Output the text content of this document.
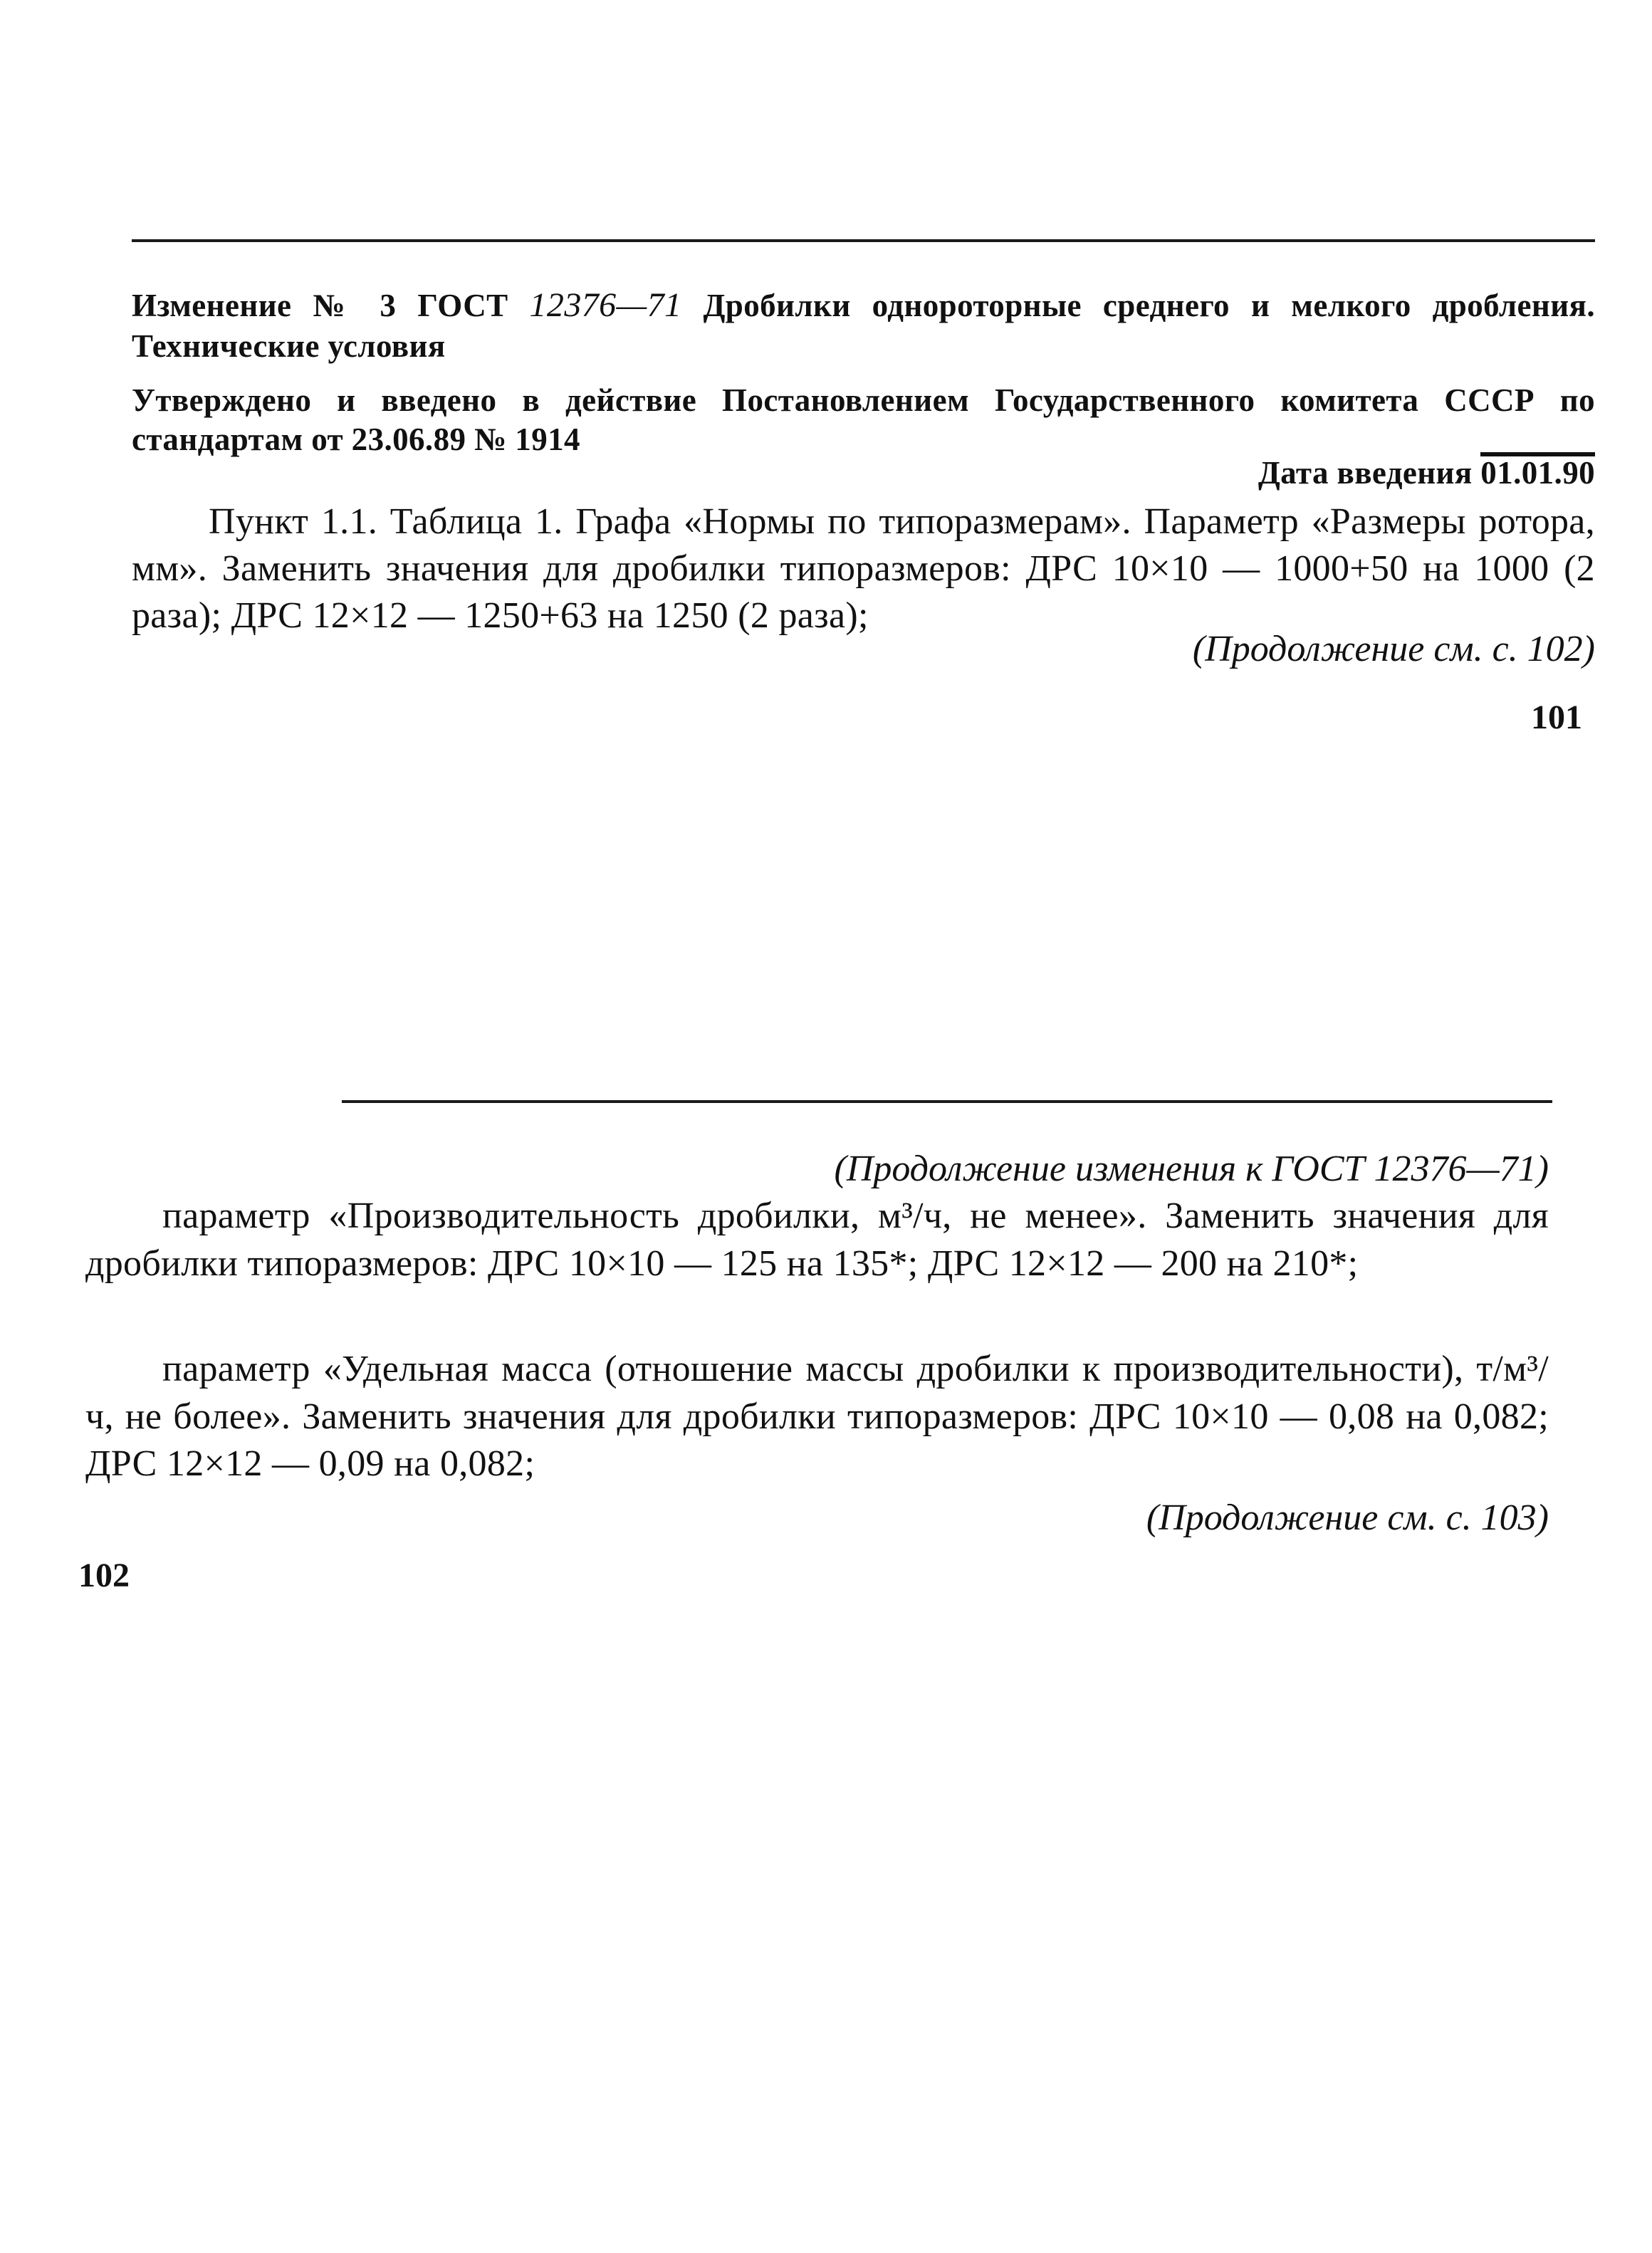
Изменение № 3 ГОСТ 12376—71 Дробилки однороторные среднего и мелкого дробления. Технические условия
Утверждено и введено в действие Постановлением Государственного комитета СССР по стандартам от 23.06.89 № 1914
Дата введения 01.01.90
Пункт 1.1. Таблица 1. Графа «Нормы по типоразмерам». Параметр «Размеры ротора, мм». Заменить значения для дробилки типоразмеров: ДРС 10×10 — 1000+50 на 1000 (2 раза); ДРС 12×12 — 1250+63 на 1250 (2 раза);
(Продолжение см. с. 102)
101
(Продолжение изменения к ГОСТ 12376—71)
параметр «Производительность дробилки, м³/ч, не менее». Заменить значения для дробилки типоразмеров: ДРС 10×10 — 125 на 135*; ДРС 12×12 — 200 на 210*;
параметр «Удельная масса (отношение массы дробилки к производительности), т/м³/ч, не более». Заменить значения для дробилки типоразмеров: ДРС 10×10 — 0,08 на 0,082; ДРС 12×12 — 0,09 на 0,082;
(Продолжение см. с. 103)
102
